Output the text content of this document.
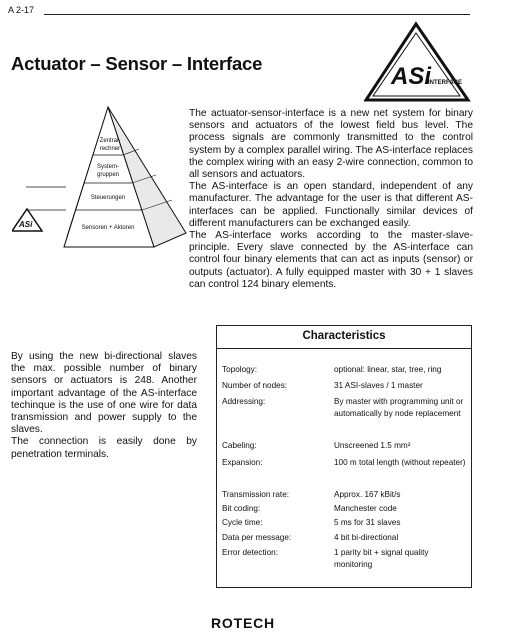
A 2-17
Actuator – Sensor – Interface	ASi
INTERFACE
Zentral-
rechner
System-
gruppen
Steuerungen
Sensoren + Aktoren
ASi

The actuator-sensor-interface is a new net system for binary sensors and actuators of the lowest field bus level. The process signals are commonly transmitted to the control system by a complex parallel wiring. The AS-interface replaces the complex wiring with an easy 2-wire connection, common to all sensors and actuators.

The AS-interface is an open standard, independent of any manufacturer. The advantage for the user is that different AS-interfaces can be applied. Functionally similar devices of different manufacturers can be exchanged easily.

The AS-interface works according to the master-slave-principle. Every slave connected by the AS-interface can control four binary elements that can act as inputs (sensor) or outputs (actuator). A fully equipped master with 30 + 1 slaves can control 124 binary elements.

By using the new bi-directional slaves the max. possible number of binary sensors or actuators is 248. Another important advantage of the AS-interface techinque is the use of one wire for data transmission and power supply to the slaves.

The connection is easily done by penetration terminals.

Characteristics
Topology:	optional: linear, star, tree, ring
Number of nodes:	31 ASI-slaves / 1 master
Addressing:	By master with programming unit or automatically by node replacement
Cabeling:	Unscreened 1.5 mm²
Expansion:	100 m total length (without repeater)
Transmission rate:	Approx. 167 kBit/s
Bit coding:	Manchester code
Cycle time:	5 ms for 31 slaves
Data per message:	4 bit bi-directional
Error detection:	1 parity bit + signal quality monitoring
ROTECH
